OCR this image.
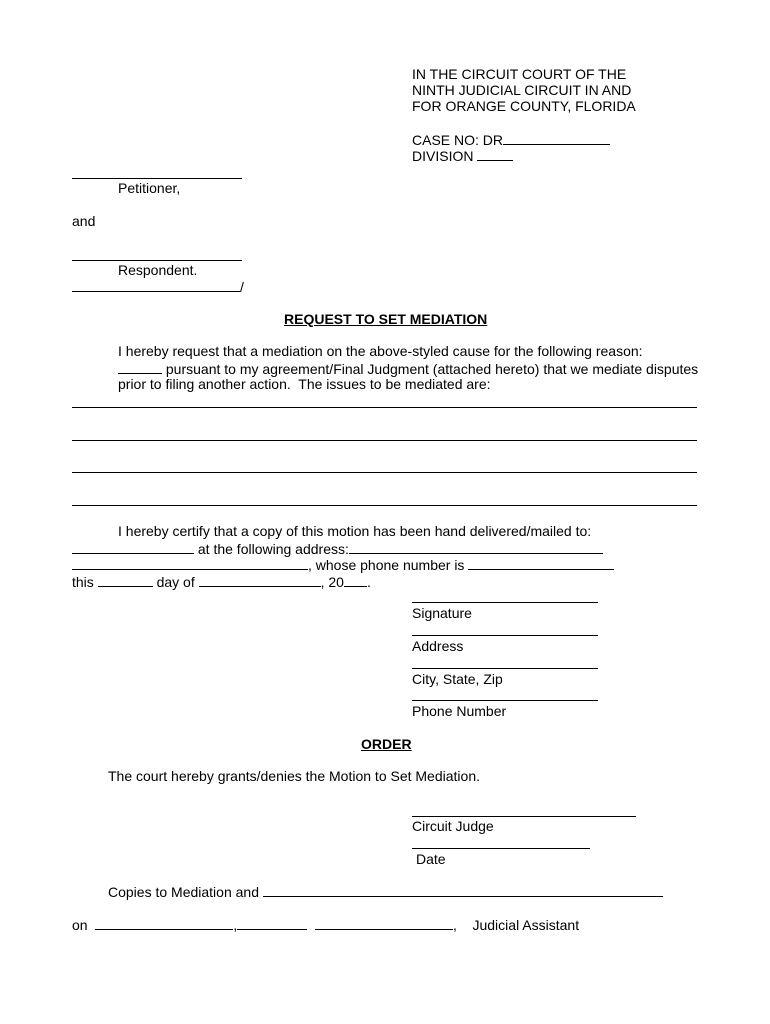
IN THE CIRCUIT COURT OF THE
NINTH JUDICIAL CIRCUIT IN AND
FOR ORANGE COUNTY, FLORIDA
CASE NO: DR
DIVISION
Petitioner,
and
Respondent.
/
REQUEST TO SET MEDIATION
I hereby request that a mediation on the above-styled cause for the following reason:
pursuant to my agreement/Final Judgment (attached hereto) that we mediate disputes
prior to filing another action.  The issues to be mediated are:
I hereby certify that a copy of this motion has been hand delivered/mailed to:
at the following address:
, whose phone number is
this	day of	, 20 .
Signature
Address
City, State, Zip
Phone Number
ORDER
The court hereby grants/denies the Motion to Set Mediation.
Circuit Judge
Date
Copies to Mediation and
on	,	, Judicial Assistant
